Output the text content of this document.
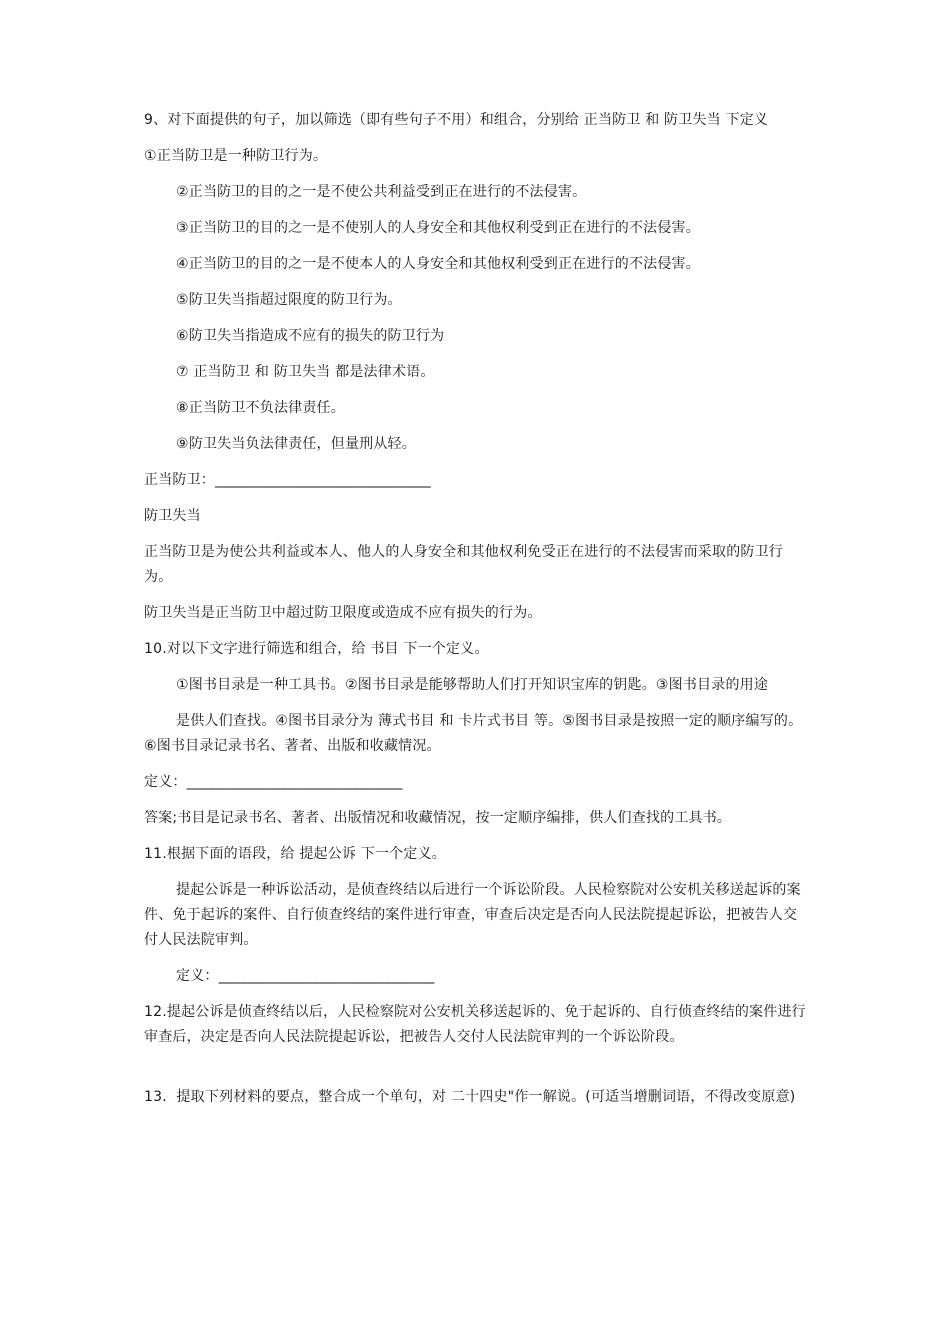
9、对下面提供的句子，加以筛选（即有些句子不用）和组合，分别给 正当防卫 和 防卫失当 下定义

①正当防卫是一种防卫行为。

②正当防卫的目的之一是不使公共利益受到正在进行的不法侵害。

③正当防卫的目的之一是不使别人的人身安全和其他权利受到正在进行的不法侵害。

④正当防卫的目的之一是不使本人的人身安全和其他权利受到正在进行的不法侵害。

⑤防卫失当指超过限度的防卫行为。

⑥防卫失当指造成不应有的损失的防卫行为

⑦ 正当防卫 和 防卫失当 都是法律术语。

⑧正当防卫不负法律责任。

⑨防卫失当负法律责任，但量刑从轻。

正当防卫：______________________________

防卫失当

正当防卫是为使公共利益或本人、他人的人身安全和其他权利免受正在进行的不法侵害而采取的防卫行为。

防卫失当是正当防卫中超过防卫限度或造成不应有损失的行为。

10.对以下文字进行筛选和组合，给 书目 下一个定义。

①图书目录是一种工具书。②图书目录是能够帮助人们打开知识宝库的钥匙。③图书目录的用途

是供人们查找。④图书目录分为 薄式书目 和 卡片式书目 等。⑤图书目录是按照一定的顺序编写的。⑥图书目录记录书名、著者、出版和收藏情况。

定义：______________________________

答案;书目是记录书名、著者、出版情况和收藏情况，按一定顺序编排，供人们查找的工具书。

11.根据下面的语段，给 提起公诉 下一个定义。

提起公诉是一种诉讼活动，是侦查终结以后进行一个诉讼阶段。人民检察院对公安机关移送起诉的案件、免于起诉的案件、自行侦查终结的案件进行审查，审查后决定是否向人民法院提起诉讼，把被告人交付人民法院审判。

定义：______________________________

12.提起公诉是侦查终结以后，人民检察院对公安机关移送起诉的、免于起诉的、自行侦查终结的案件进行审查后，决定是否向人民法院提起诉讼，把被告人交付人民法院审判的一个诉讼阶段。

13．提取下列材料的要点，整合成一个单句，对 二十四史"作一解说。(可适当增删词语，不得改变原意)
